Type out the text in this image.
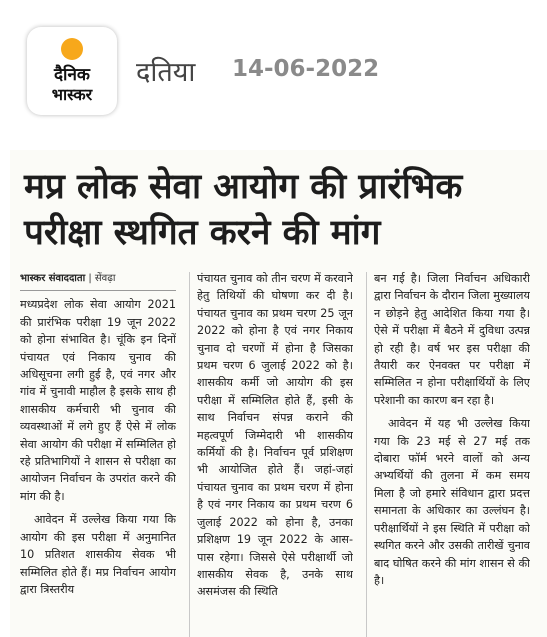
दैनिक
भास्कर
दतिया 14-06-2022
मप्र लोक सेवा आयोग की प्रारंभिक परीक्षा स्थगित करने की मांग
भास्कर संवाददाता | सेंवढ़ा

मध्यप्रदेश लोक सेवा आयोग 2021 की प्रारंभिक परीक्षा 19 जून 2022 को होना संभावित है। चूंकि इन दिनों पंचायत एवं निकाय चुनाव की अधिसूचना लगी हुई है, एवं नगर और गांव में चुनावी माहौल है इसके साथ ही शासकीय कर्मचारी भी चुनाव की व्यवस्थाओं में लगे हुए हैं ऐसे में लोक सेवा आयोग की परीक्षा में सम्मिलित हो रहे प्रतिभागियों ने शासन से परीक्षा का आयोजन निर्वाचन के उपरांत करने की मांग की है।

आवेदन में उल्लेख किया गया कि आयोग की इस परीक्षा में अनुमानित 10 प्रतिशत शासकीय सेवक भी सम्मिलित होते हैं। मप्र निर्वाचन आयोग द्वारा त्रिस्तरीय

पंचायत चुनाव को तीन चरण में करवाने हेतु तिथियों की घोषणा कर दी है। पंचायत चुनाव का प्रथम चरण 25 जून 2022 को होना है एवं नगर निकाय चुनाव दो चरणों में होना है जिसका प्रथम चरण 6 जुलाई 2022 को है। शासकीय कर्मी जो आयोग की इस परीक्षा में सम्मिलित होते हैं, इसी के साथ निर्वाचन संपन्न कराने की महत्वपूर्ण जिम्मेदारी भी शासकीय कर्मियों की है। निर्वाचन पूर्व प्रशिक्षण भी आयोजित होते हैं। जहां-जहां पंचायत चुनाव का प्रथम चरण में होना है एवं नगर निकाय का प्रथम चरण 6 जुलाई 2022 को होना है, उनका प्रशिक्षण 19 जून 2022 के आस-पास रहेगा। जिससे ऐसे परीक्षार्थी जो शासकीय सेवक है, उनके साथ असमंजस की स्थिति

बन गई है। जिला निर्वाचन अधिकारी द्वारा निर्वाचन के दौरान जिला मुख्यालय न छोड़ने हेतु आदेशित किया गया है। ऐसे में परीक्षा में बैठने में दुविधा उत्पन्न हो रही है। वर्ष भर इस परीक्षा की तैयारी कर ऐनवक्त पर परीक्षा में सम्मिलित न होना परीक्षार्थियों के लिए परेशानी का कारण बन रहा है।

आवेदन में यह भी उल्लेख किया गया कि 23 मई से 27 मई तक दोबारा फॉर्म भरने वालों को अन्य अभ्यर्थियों की तुलना में कम समय मिला है जो हमारे संविधान द्वारा प्रदत्त समानता के अधिकार का उल्लंघन है। परीक्षार्थियों ने इस स्थिति में परीक्षा को स्थगित करने और उसकी तारीखें चुनाव बाद घोषित करने की मांग शासन से की है।
